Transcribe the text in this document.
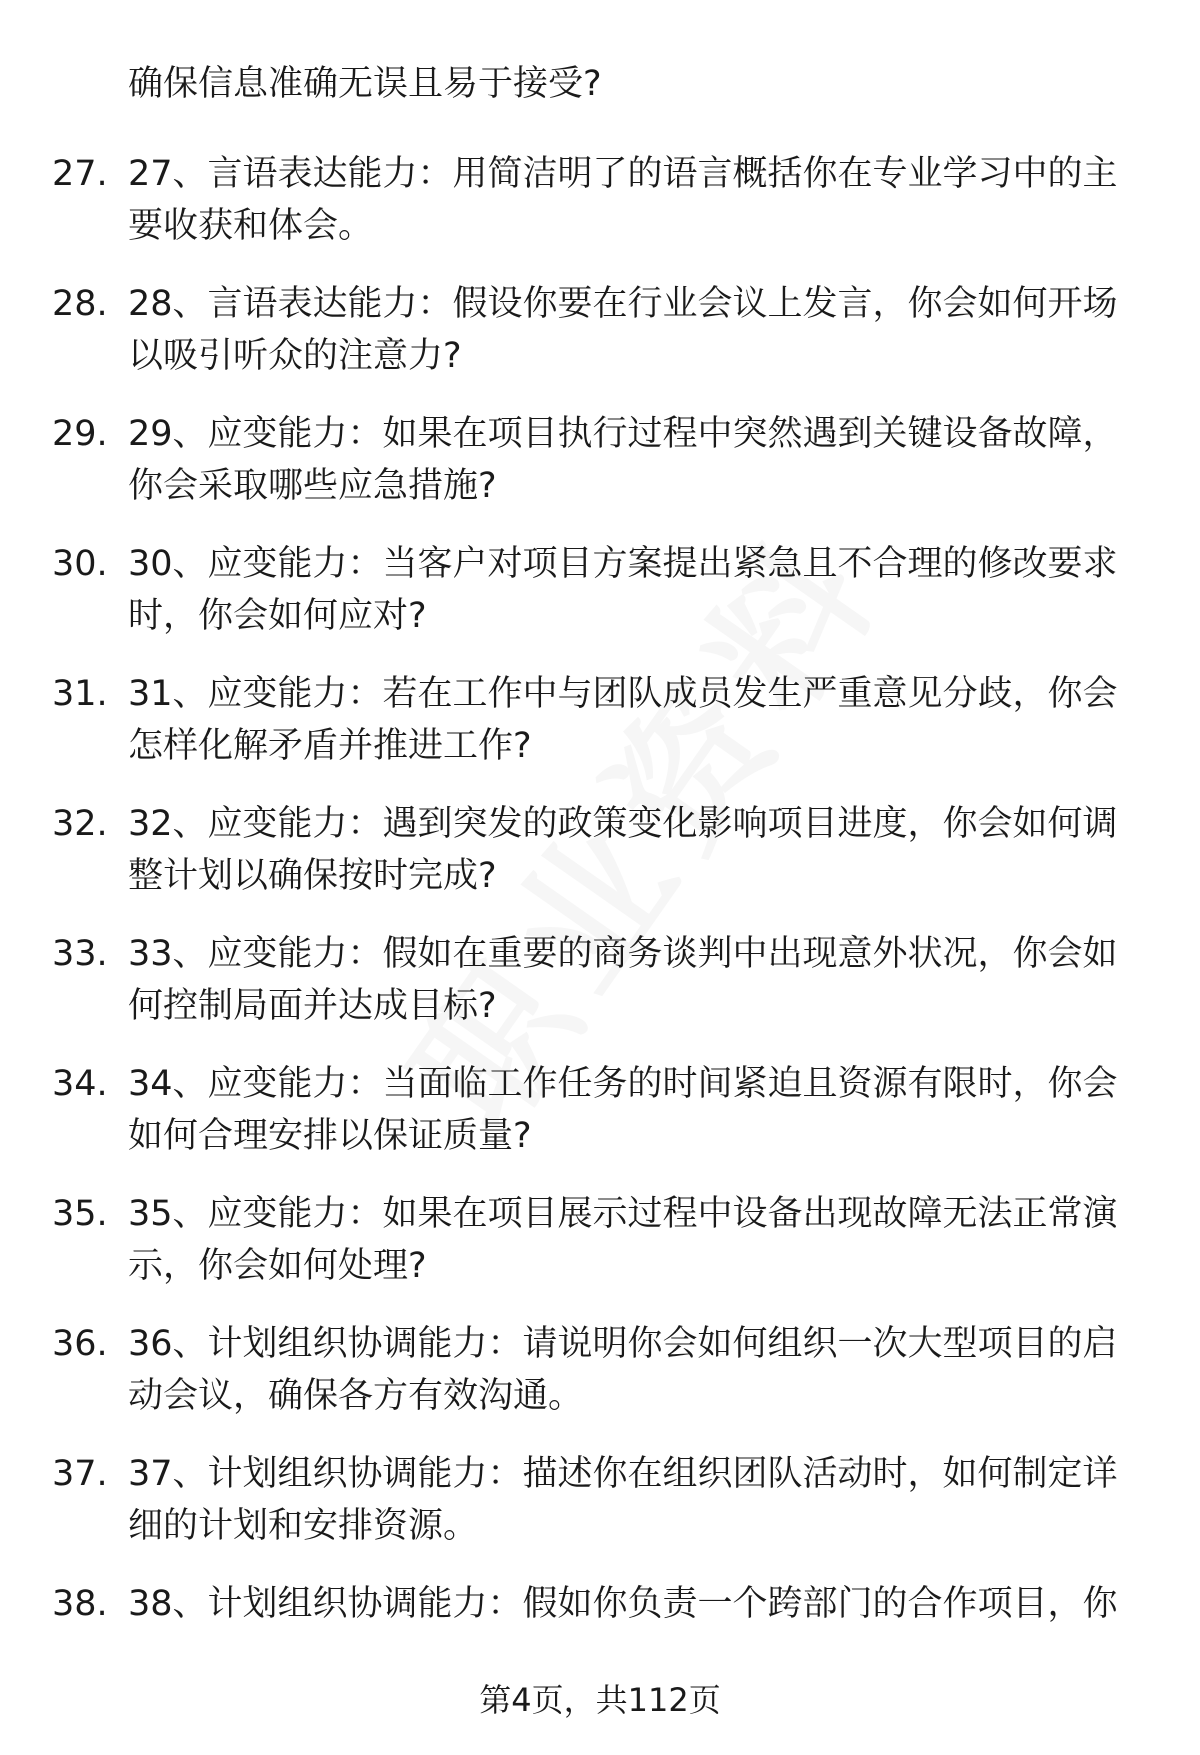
确保信息准确无误且易于接受?
27. 27、言语表达能力：用简洁明了的语言概括你在专业学习中的主要收获和体会。
28. 28、言语表达能力：假设你要在行业会议上发言，你会如何开场以吸引听众的注意力?
29. 29、应变能力：如果在项目执行过程中突然遇到关键设备故障，你会采取哪些应急措施?
30. 30、应变能力：当客户对项目方案提出紧急且不合理的修改要求时，你会如何应对?
31. 31、应变能力：若在工作中与团队成员发生严重意见分歧，你会怎样化解矛盾并推进工作?
32. 32、应变能力：遇到突发的政策变化影响项目进度，你会如何调整计划以确保按时完成?
33. 33、应变能力：假如在重要的商务谈判中出现意外状况，你会如何控制局面并达成目标?
34. 34、应变能力：当面临工作任务的时间紧迫且资源有限时，你会如何合理安排以保证质量?
35. 35、应变能力：如果在项目展示过程中设备出现故障无法正常演示，你会如何处理?
36. 36、计划组织协调能力：请说明你会如何组织一次大型项目的启动会议，确保各方有效沟通。
37. 37、计划组织协调能力：描述你在组织团队活动时，如何制定详细的计划和安排资源。
38. 38、计划组织协调能力：假如你负责一个跨部门的合作项目，你
第4页，共112页
